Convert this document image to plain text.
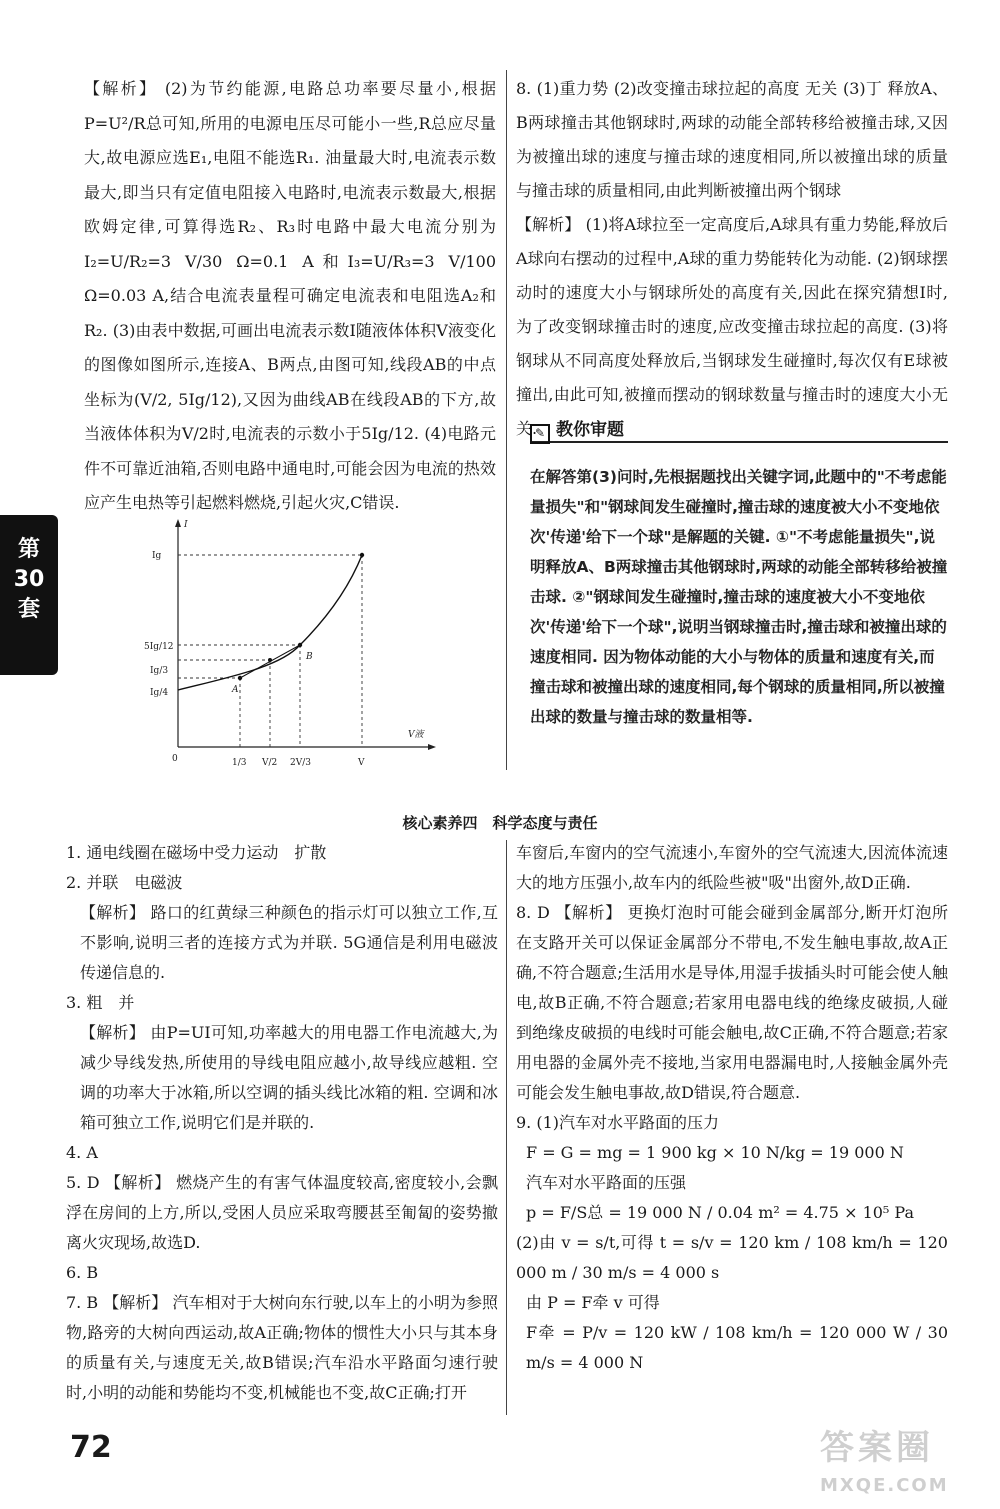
第
30
套

【解析】 (2)为节约能源,电路总功率要尽量小,根据P=U²/R总可知,所用的电源电压尽可能小一些,R总应尽量大,故电源应选E₁,电阻不能选R₁. 油量最大时,电流表示数最大,即当只有定值电阻接入电路时,电流表示数最大,根据欧姆定律,可算得选R₂、R₃时电路中最大电流分别为I₂=U/R₂=3 V/30 Ω=0.1 A和I₃=U/R₃=3 V/100 Ω=0.03 A,结合电流表量程可确定电流表和电阻选A₂和R₂. (3)由表中数据,可画出电流表示数I随液体体积V液变化的图像如图所示,连接A、B两点,由图可知,线段AB的中点坐标为(V/2, 5Ig/12),又因为曲线AB在线段AB的下方,故当液体体积为V/2时,电流表的示数小于5Ig/12. (4)电路元件不可靠近油箱,否则电路中通电时,可能会因为电流的热效应产生电热等引起燃料燃烧,引起火灾,C错误.

I
V液
0
A
B
Ig
5Ig/12
Ig/3
Ig/4
1/3 V/2 2V/3	V

8. (1)重力势 (2)改变撞击球拉起的高度 无关 (3)丁 释放A、B两球撞击其他钢球时,两球的动能全部转移给被撞击球,又因为被撞出球的速度与撞击球的速度相同,所以被撞出球的质量与撞击球的质量相同,由此判断被撞出两个钢球

【解析】 (1)将A球拉至一定高度后,A球具有重力势能,释放后A球向右摆动的过程中,A球的重力势能转化为动能. (2)钢球摆动时的速度大小与钢球所处的高度有关,因此在探究猜想Ⅰ时,为了改变钢球撞击时的速度,应改变撞击球拉起的高度. (3)将钢球从不同高度处释放后,当钢球发生碰撞时,每次仅有E球被撞出,由此可知,被撞而摆动的钢球数量与撞击时的速度大小无关.

✎ 教你审题
在解答第(3)问时,先根据题找出关键字词,此题中的"不考虑能量损失"和"钢球间发生碰撞时,撞击球的速度被大小不变地依次'传递'给下一个球"是解题的关键. ①"不考虑能量损失",说明释放A、B两球撞击其他钢球时,两球的动能全部转移给被撞击球. ②"钢球间发生碰撞时,撞击球的速度被大小不变地依次'传递'给下一个球",说明当钢球撞击时,撞击球和被撞出球的速度相同. 因为物体动能的大小与物体的质量和速度有关,而撞击球和被撞出球的速度相同,每个钢球的质量相同,所以被撞出球的数量与撞击球的数量相等.
核心素养四　科学态度与责任

1. 通电线圈在磁场中受力运动　扩散

2. 并联　电磁波

【解析】 路口的红黄绿三种颜色的指示灯可以独立工作,互不影响,说明三者的连接方式为并联. 5G通信是利用电磁波传递信息的.

3. 粗　并

【解析】 由P=UI可知,功率越大的用电器工作电流越大,为减少导线发热,所使用的导线电阻应越小,故导线应越粗. 空调的功率大于冰箱,所以空调的插头线比冰箱的粗. 空调和冰箱可独立工作,说明它们是并联的.

4. A

5. D 【解析】 燃烧产生的有害气体温度较高,密度较小,会飘浮在房间的上方,所以,受困人员应采取弯腰甚至匍匐的姿势撤离火灾现场,故选D.

6. B

7. B 【解析】 汽车相对于大树向东行驶,以车上的小明为参照物,路旁的大树向西运动,故A正确;物体的惯性大小只与其本身的质量有关,与速度无关,故B错误;汽车沿水平路面匀速行驶时,小明的动能和势能均不变,机械能也不变,故C正确;打开

车窗后,车窗内的空气流速小,车窗外的空气流速大,因流体流速大的地方压强小,故车内的纸险些被"吸"出窗外,故D正确.

8. D 【解析】 更换灯泡时可能会碰到金属部分,断开灯泡所在支路开关可以保证金属部分不带电,不发生触电事故,故A正确,不符合题意;生活用水是导体,用湿手拔插头时可能会使人触电,故B正确,不符合题意;若家用电器电线的绝缘皮破损,人碰到绝缘皮破损的电线时可能会触电,故C正确,不符合题意;若家用电器的金属外壳不接地,当家用电器漏电时,人接触金属外壳可能会发生触电事故,故D错误,符合题意.

9. (1)汽车对水平路面的压力

F = G = mg = 1 900 kg × 10 N/kg = 19 000 N

汽车对水平路面的压强

p = F/S总 = 19 000 N / 0.04 m² = 4.75 × 10⁵ Pa

(2)由 v = s/t,可得 t = s/v = 120 km / 108 km/h = 120 000 m / 30 m/s = 4 000 s

由 P = F牵 v 可得

F牵 = P/v = 120 kW / 108 km/h = 120 000 W / 30 m/s = 4 000 N

72	答案圈
MXQE.COM
